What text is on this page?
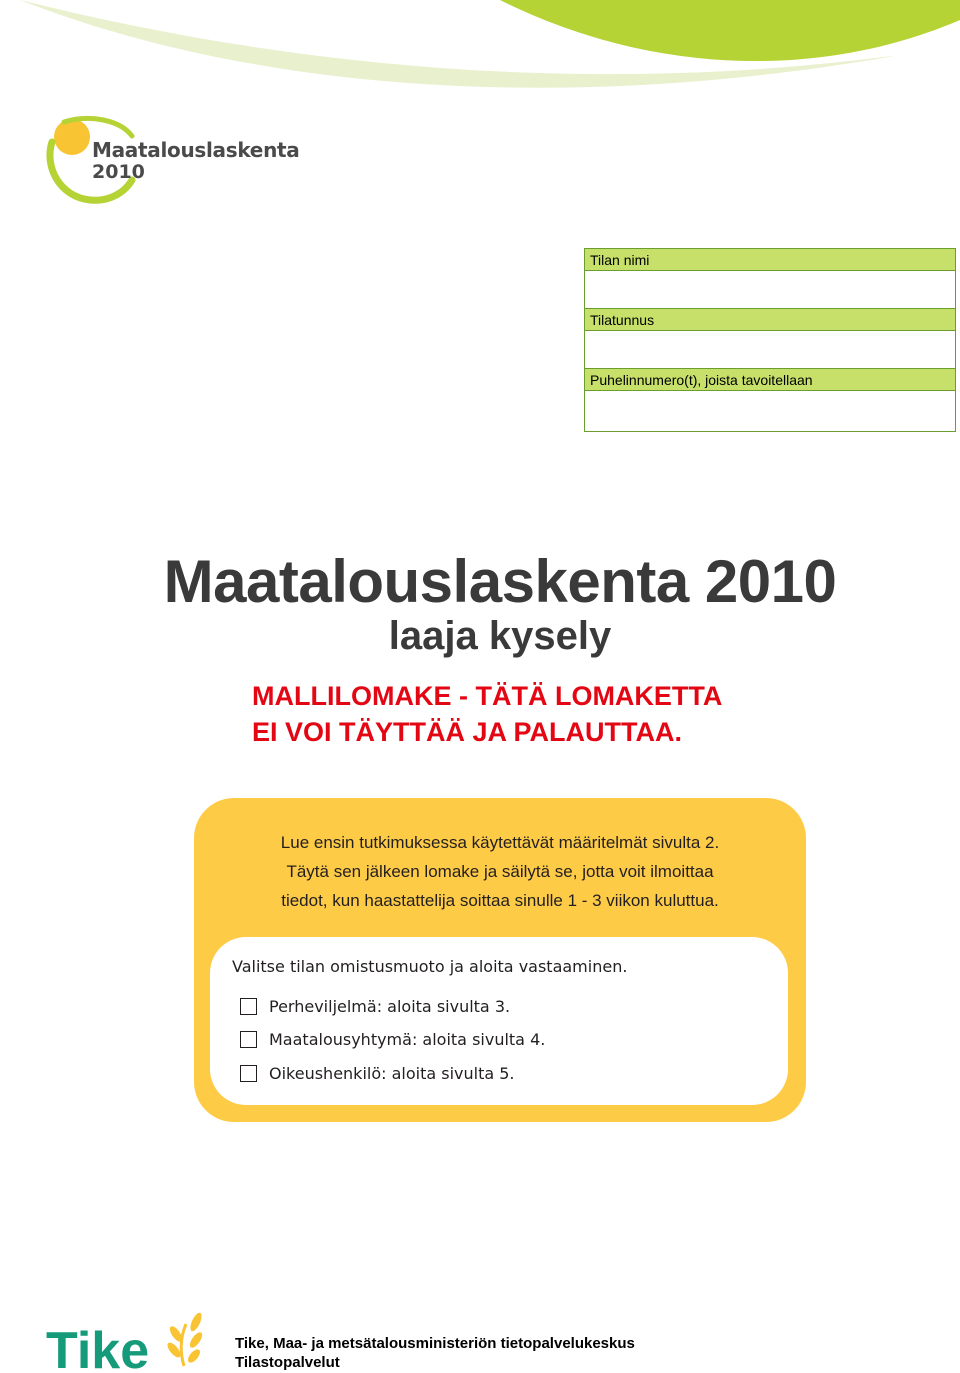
Maatalouslaskenta
2010
Tilan nimi
Tilatunnus
Puhelinnumero(t), joista tavoitellaan
Maatalouslaskenta 2010
laaja kysely
MALLILOMAKE - TÄTÄ LOMAKETTA
EI VOI TÄYTTÄÄ JA PALAUTTAA.
Lue ensin tutkimuksessa käytettävät määritelmät sivulta 2.
Täytä sen jälkeen lomake ja säilytä se, jotta voit ilmoittaa
tiedot, kun haastattelija soittaa sinulle 1 - 3 viikon kuluttua.
Valitse tilan omistusmuoto ja aloita vastaaminen.
Perheviljelmä: aloita sivulta 3.
Maatalousyhtymä: aloita sivulta 4.
Oikeushenkilö: aloita sivulta 5.
Tike	Tike, Maa- ja metsätalousministeriön tietopalvelukeskus
Tilastopalvelut
